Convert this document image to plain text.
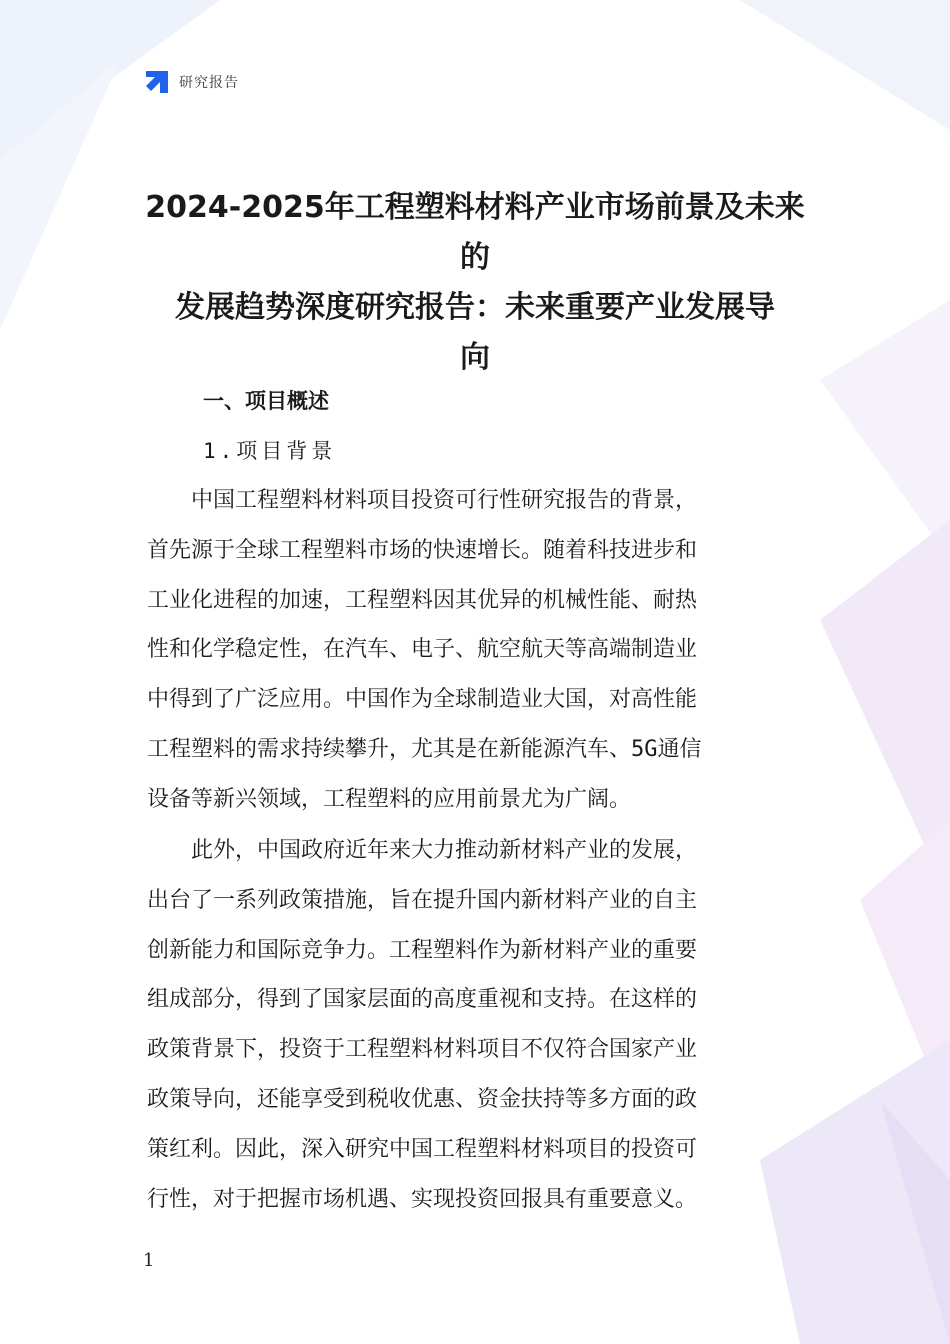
研究报告
2024-2025年工程塑料材料产业市场前景及未来的
发展趋势深度研究报告：未来重要产业发展导
向
一、项目概述
1.项目背景
　　中国工程塑料材料项目投资可行性研究报告的背景，
首先源于全球工程塑料市场的快速增长。随着科技进步和
工业化进程的加速，工程塑料因其优异的机械性能、耐热
性和化学稳定性，在汽车、电子、航空航天等高端制造业
中得到了广泛应用。中国作为全球制造业大国，对高性能
工程塑料的需求持续攀升，尤其是在新能源汽车、5G通信
设备等新兴领域，工程塑料的应用前景尤为广阔。
　　此外，中国政府近年来大力推动新材料产业的发展，
出台了一系列政策措施，旨在提升国内新材料产业的自主
创新能力和国际竞争力。工程塑料作为新材料产业的重要
组成部分，得到了国家层面的高度重视和支持。在这样的
政策背景下，投资于工程塑料材料项目不仅符合国家产业
政策导向，还能享受到税收优惠、资金扶持等多方面的政
策红利。因此，深入研究中国工程塑料材料项目的投资可
行性，对于把握市场机遇、实现投资回报具有重要意义。
1
